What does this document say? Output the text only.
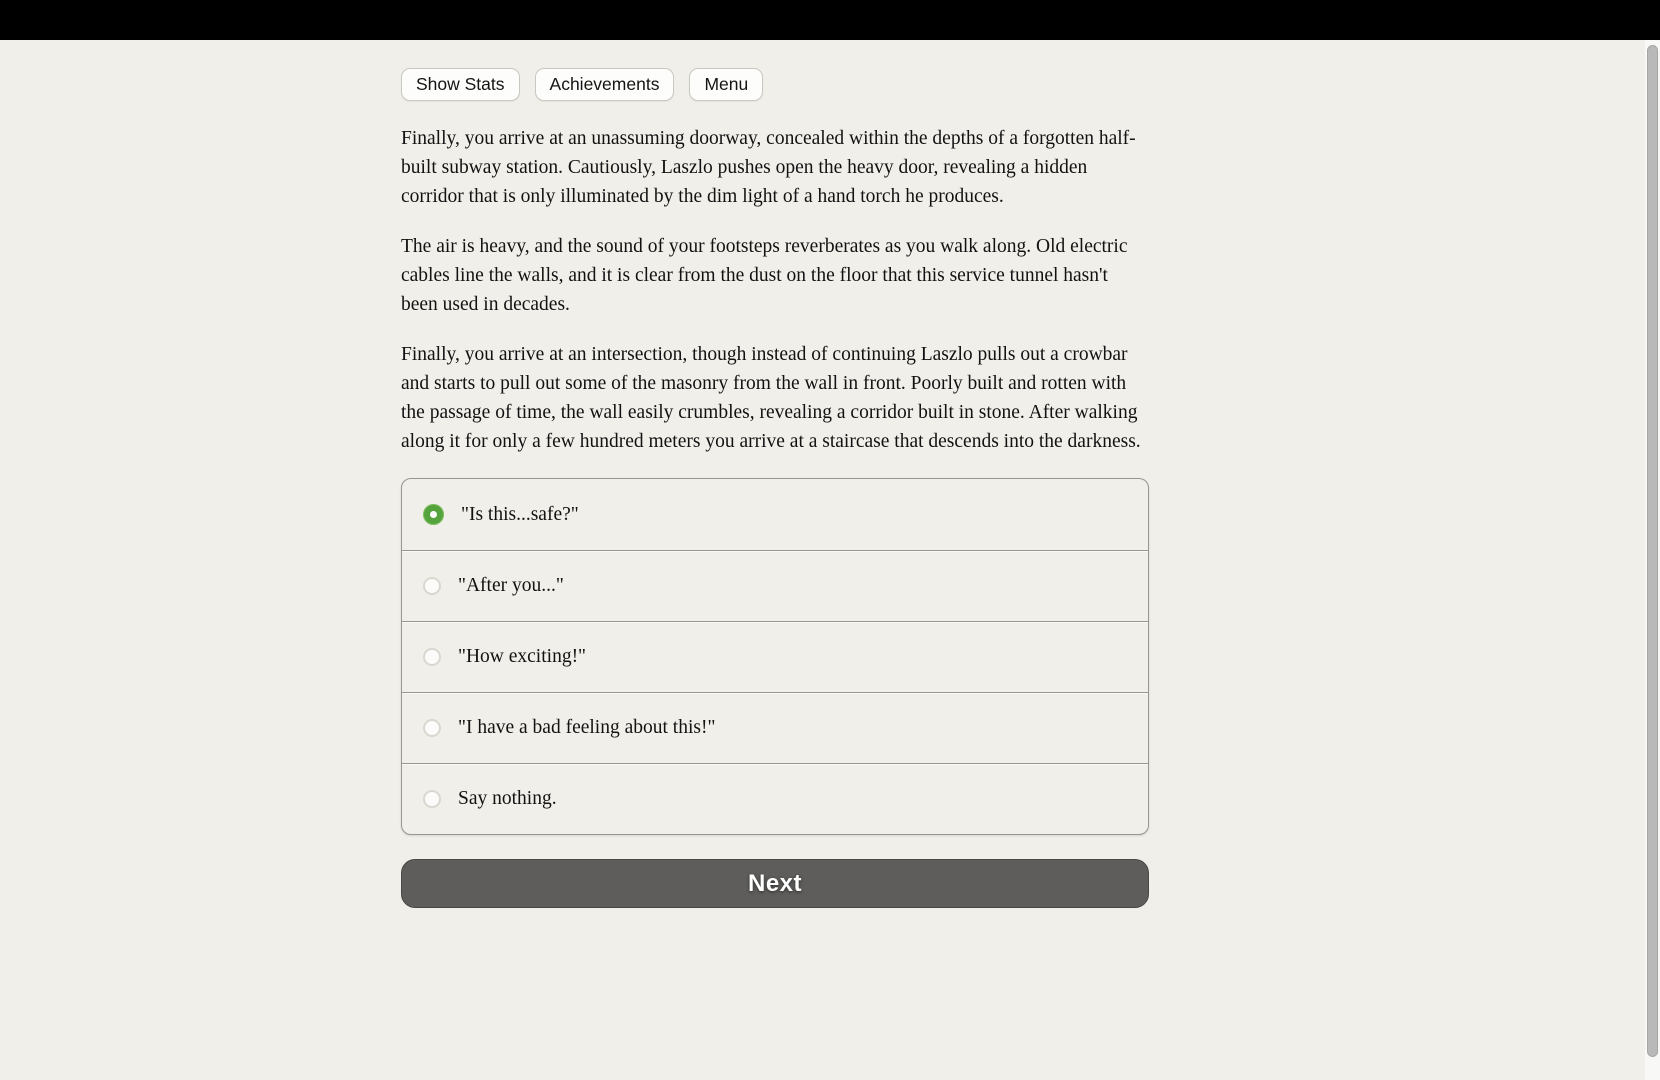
Show Stats	Achievements	Menu

Finally, you arrive at an unassuming doorway, concealed within the depths of a forgotten half-built subway station. Cautiously, Laszlo pushes open the heavy door, revealing a hidden corridor that is only illuminated by the dim light of a hand torch he produces.

The air is heavy, and the sound of your footsteps reverberates as you walk along. Old electric cables line the walls, and it is clear from the dust on the floor that this service tunnel hasn't been used in decades.

Finally, you arrive at an intersection, though instead of continuing Laszlo pulls out a crowbar and starts to pull out some of the masonry from the wall in front. Poorly built and rotten with the passage of time, the wall easily crumbles, revealing a corridor built in stone. After walking along it for only a few hundred meters you arrive at a staircase that descends into the darkness.

"Is this...safe?"
"After you..."
"How exciting!"
"I have a bad feeling about this!"
Say nothing.
Next
